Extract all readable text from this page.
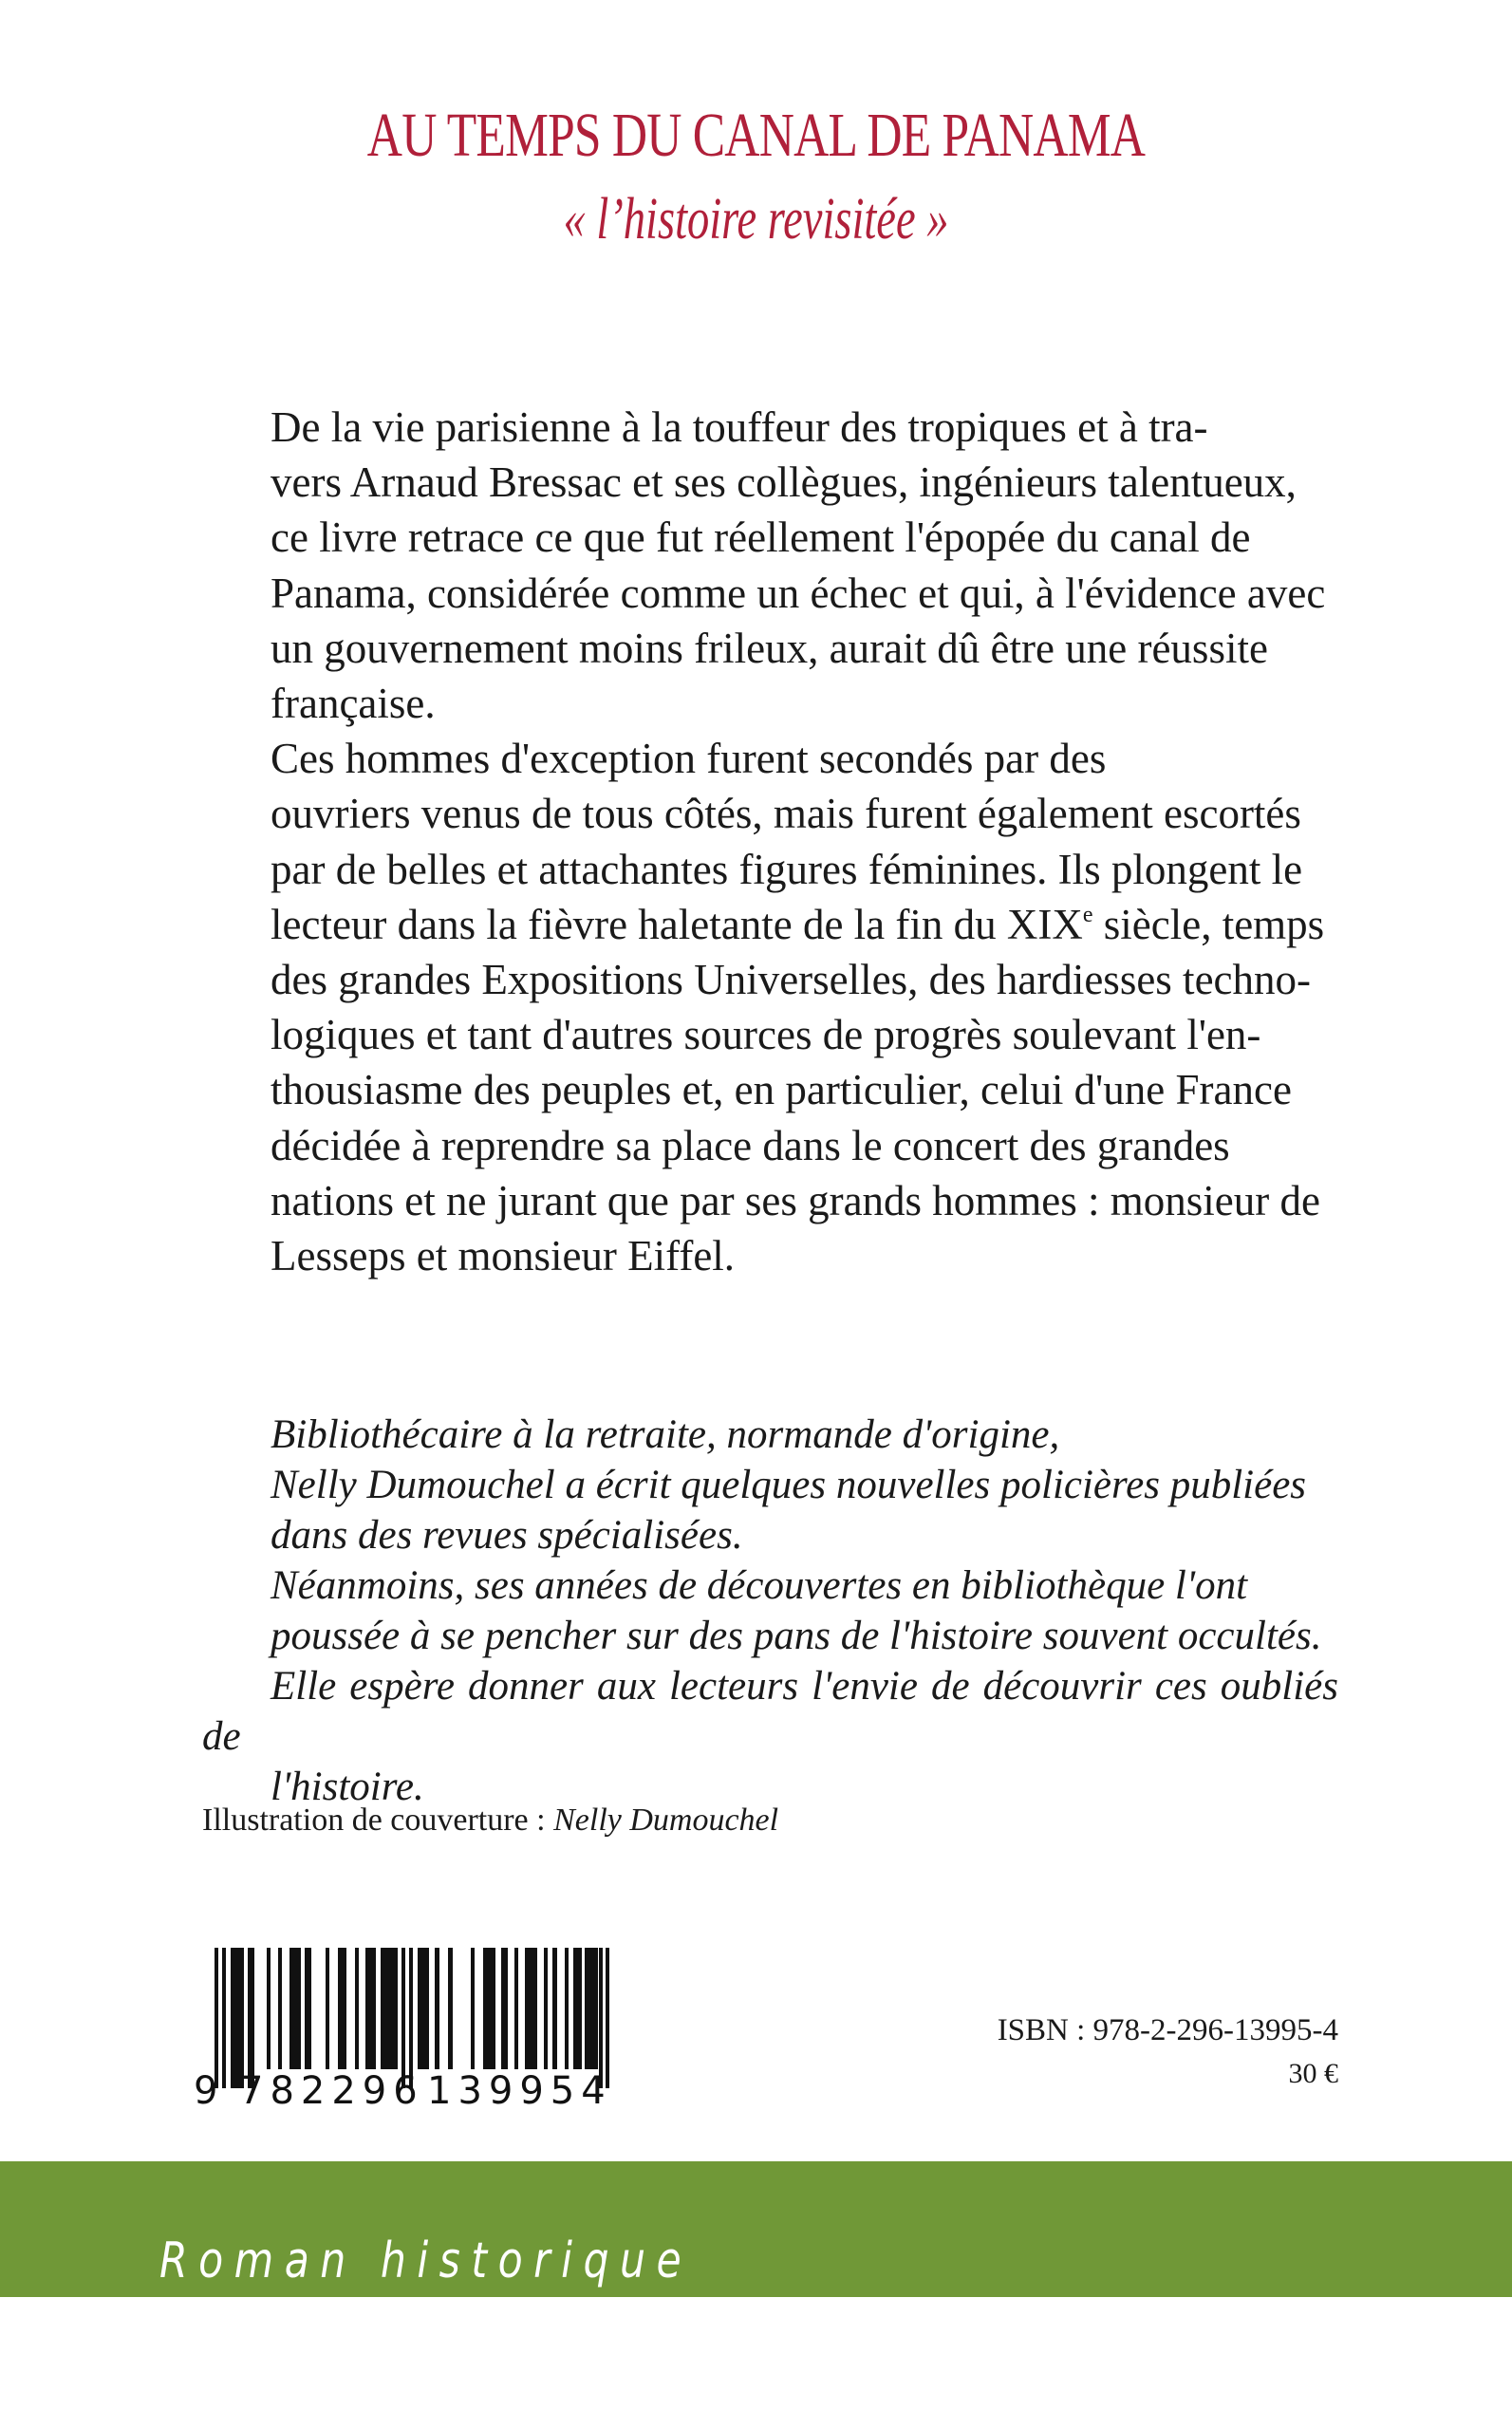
AU TEMPS DU CANAL DE PANAMA
« l’histoire revisitée »

De la vie parisienne à la touffeur des tropiques et à tra-
vers Arnaud Bressac et ses collègues, ingénieurs talentueux,
ce livre retrace ce que fut réellement l'épopée du canal de
Panama, considérée comme un échec et qui, à l'évidence avec
un gouvernement moins frileux, aurait dû être une réussite
française.

Ces hommes d'exception furent secondés par des
ouvriers venus de tous côtés, mais furent également escortés
par de belles et attachantes figures féminines. Ils plongent le
lecteur dans la fièvre haletante de la fin du XIXe siècle, temps
des grandes Expositions Universelles, des hardiesses techno-
logiques et tant d'autres sources de progrès soulevant l'en-
thousiasme des peuples et, en particulier, celui d'une France
décidée à reprendre sa place dans le concert des grandes
nations et ne jurant que par ses grands hommes : monsieur de
Lesseps et monsieur Eiffel.

Bibliothécaire à la retraite, normande d'origine,
Nelly Dumouchel a écrit quelques nouvelles policières publiées
dans des revues spécialisées.

Néanmoins, ses années de découvertes en bibliothèque l'ont
poussée à se pencher sur des pans de l'histoire souvent occultés.
Elle espère donner aux lecteurs l'envie de découvrir ces oubliés de
l'histoire.

Illustration de couverture : Nelly Dumouchel
9 782296 139954
ISBN : 978-2-296-13995-4
30 €
Roman historique
